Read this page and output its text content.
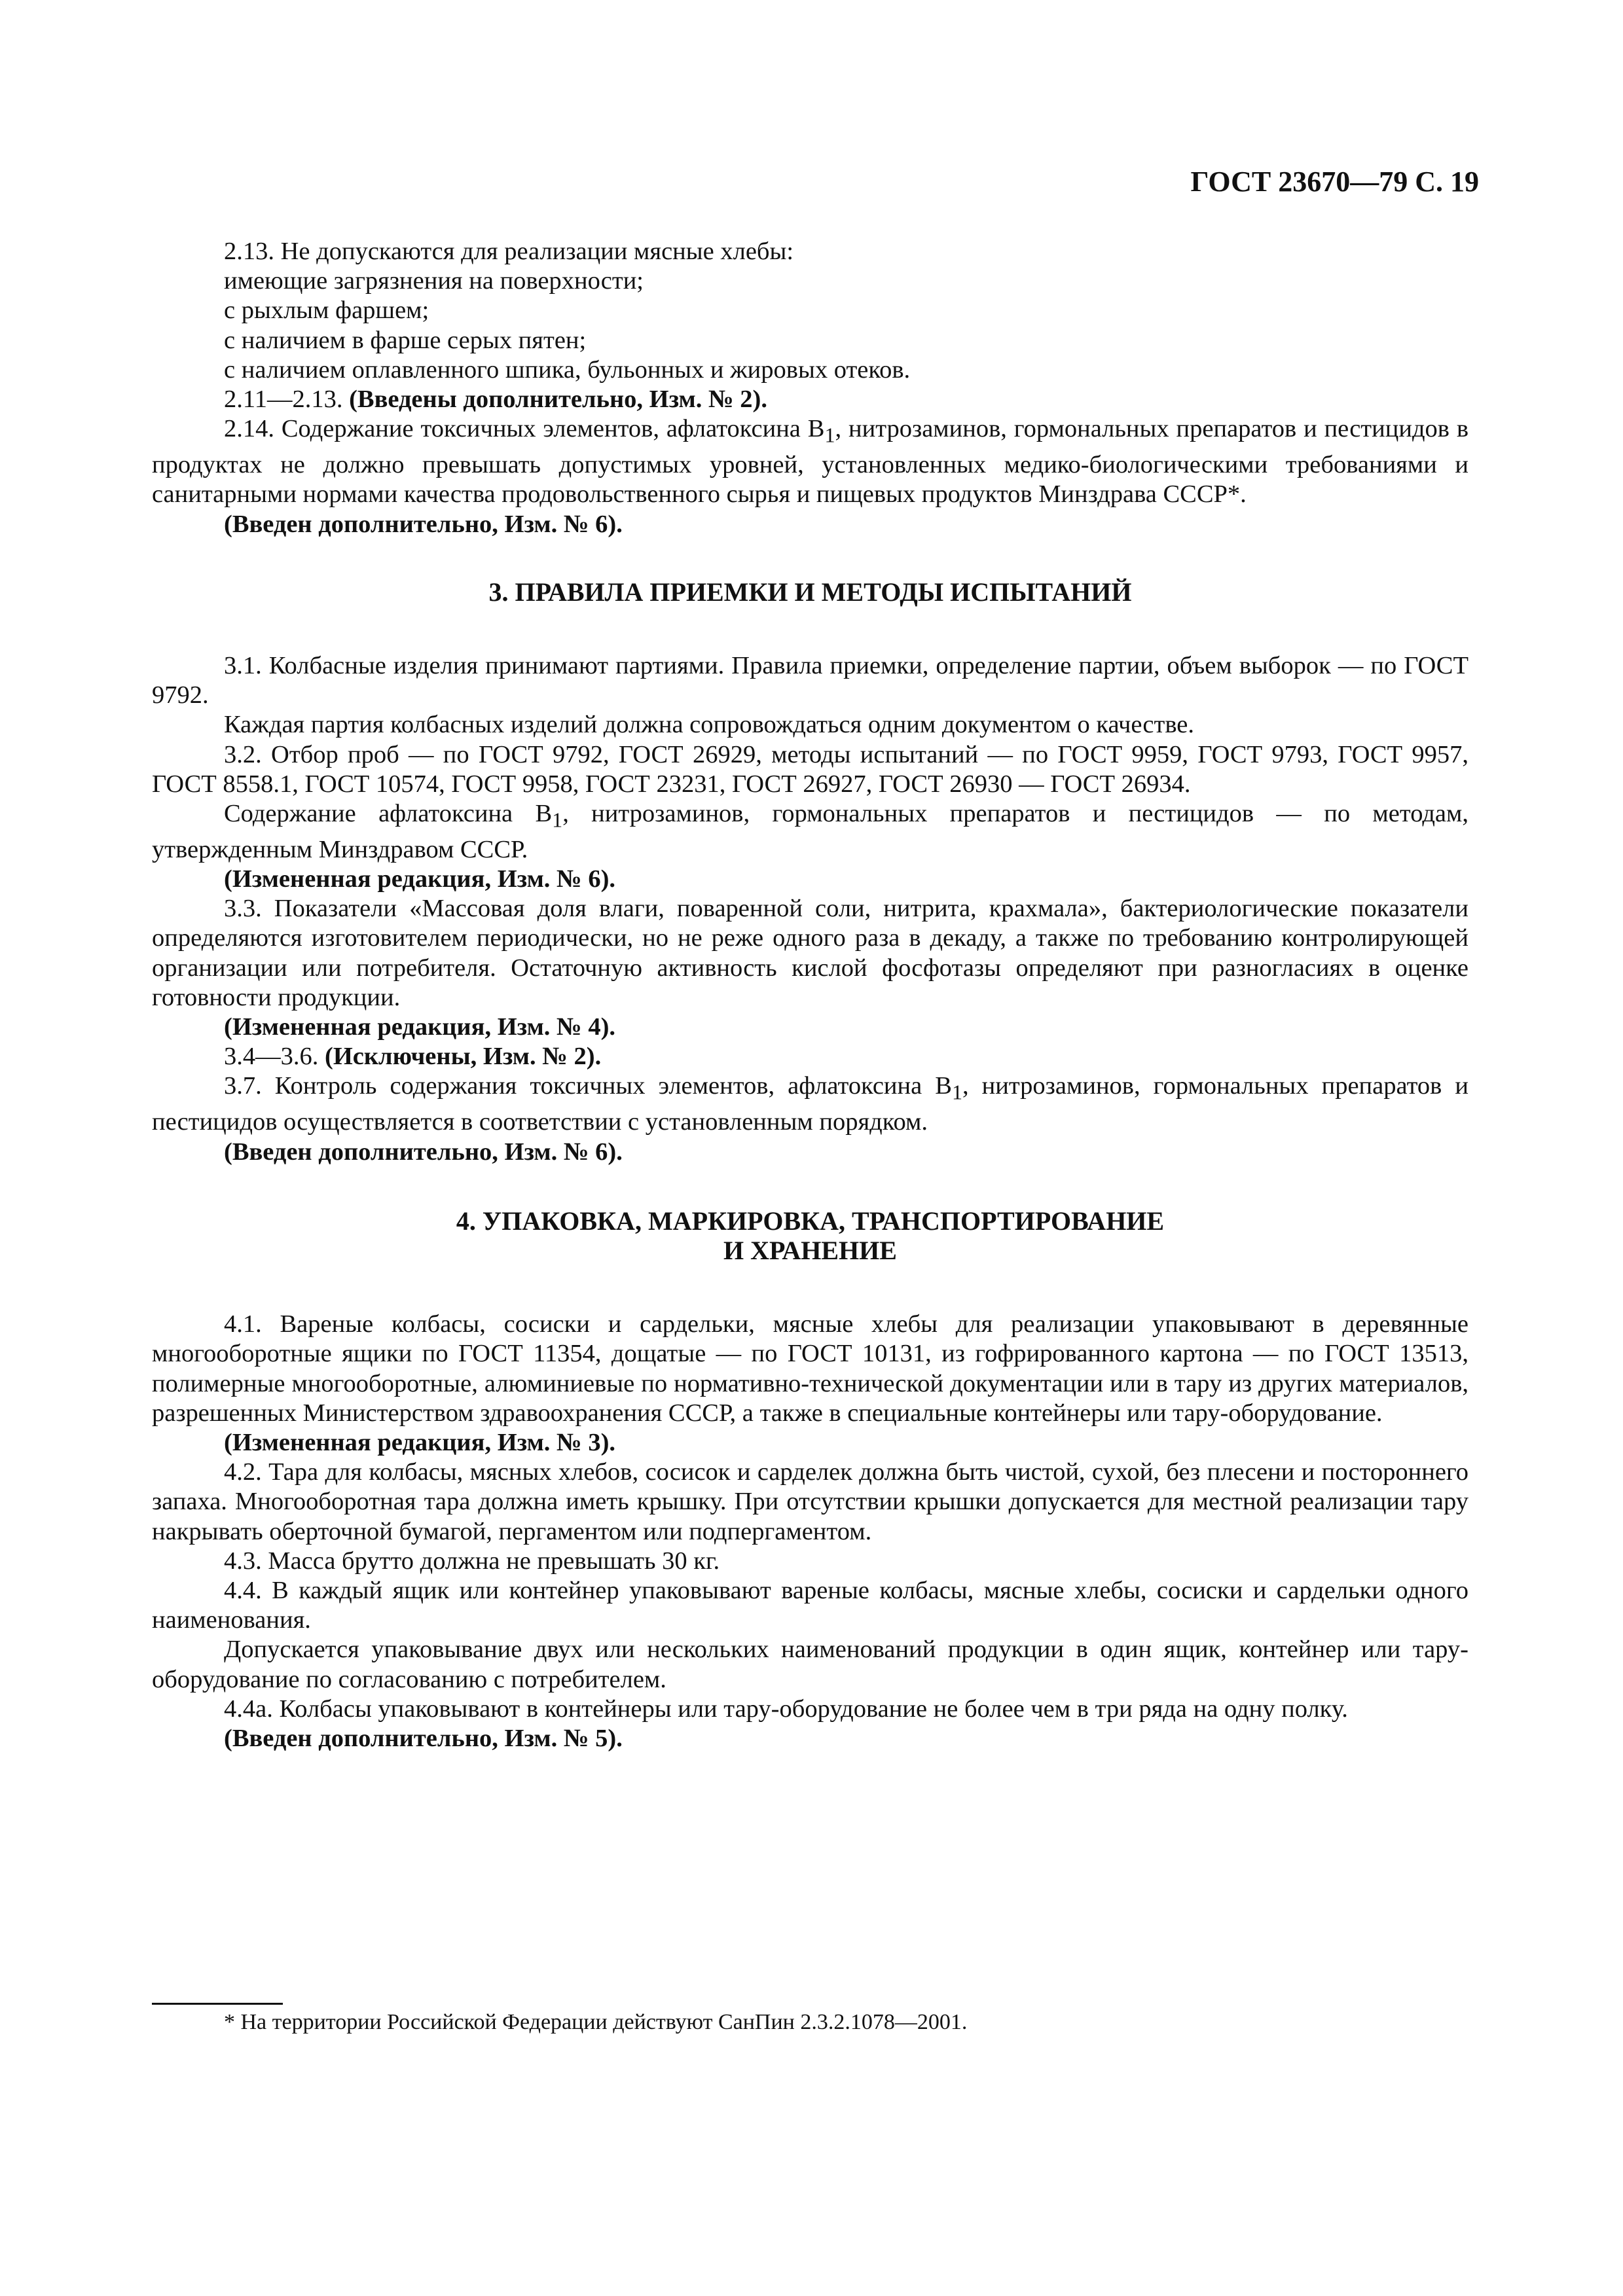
ГОСТ 23670—79 С. 19

2.13. Не допускаются для реализации мясные хлебы:

имеющие загрязнения на поверхности;

с рыхлым фаршем;

с наличием в фарше серых пятен;

с наличием оплавленного шпика, бульонных и жировых отеков.

2.11—2.13. (Введены дополнительно, Изм. № 2).

2.14. Содержание токсичных элементов, афлатоксина $В_1$, нитрозаминов, гормональных препаратов и пестицидов в продуктах не должно превышать допустимых уровней, установленных медико-биологическими требованиями и санитарными нормами качества продовольственного сырья и пищевых продуктов Минздрава СССР*.

(Введен дополнительно, Изм. № 6).

3. ПРАВИЛА ПРИЕМКИ И МЕТОДЫ ИСПЫТАНИЙ

3.1. Колбасные изделия принимают партиями. Правила приемки, определение партии, объем выборок — по ГОСТ 9792.

Каждая партия колбасных изделий должна сопровождаться одним документом о качестве.

3.2. Отбор проб — по ГОСТ 9792, ГОСТ 26929, методы испытаний — по ГОСТ 9959, ГОСТ 9793, ГОСТ 9957, ГОСТ 8558.1, ГОСТ 10574, ГОСТ 9958, ГОСТ 23231, ГОСТ 26927, ГОСТ 26930 — ГОСТ 26934.

Содержание афлатоксина $В_1$, нитрозаминов, гормональных препаратов и пестицидов — по методам, утвержденным Минздравом СССР.

(Измененная редакция, Изм. № 6).

3.3. Показатели «Массовая доля влаги, поваренной соли, нитрита, крахмала», бактериологические показатели определяются изготовителем периодически, но не реже одного раза в декаду, а также по требованию контролирующей организации или потребителя. Остаточную активность кислой фосфотазы определяют при разногласиях в оценке готовности продукции.

(Измененная редакция, Изм. № 4).

3.4—3.6. (Исключены, Изм. № 2).

3.7. Контроль содержания токсичных элементов, афлатоксина $В_1$, нитрозаминов, гормональных препаратов и пестицидов осуществляется в соответствии с установленным порядком.

(Введен дополнительно, Изм. № 6).

4. УПАКОВКА, МАРКИРОВКА, ТРАНСПОРТИРОВАНИЕ

И ХРАНЕНИЕ

4.1. Вареные колбасы, сосиски и сардельки, мясные хлебы для реализации упаковывают в деревянные многооборотные ящики по ГОСТ 11354, дощатые — по ГОСТ 10131, из гофрированного картона — по ГОСТ 13513, полимерные многооборотные, алюминиевые по нормативно-технической документации или в тару из других материалов, разрешенных Министерством здравоохранения СССР, а также в специальные контейнеры или тару-оборудование.

(Измененная редакция, Изм. № 3).

4.2. Тара для колбасы, мясных хлебов, сосисок и сарделек должна быть чистой, сухой, без плесени и постороннего запаха. Многооборотная тара должна иметь крышку. При отсутствии крышки допускается для местной реализации тару накрывать оберточной бумагой, пергаментом или подпергаментом.

4.3. Масса брутто должна не превышать 30 кг.

4.4. В каждый ящик или контейнер упаковывают вареные колбасы, мясные хлебы, сосиски и сардельки одного наименования.

Допускается упаковывание двух или нескольких наименований продукции в один ящик, контейнер или тару-оборудование по согласованию с потребителем.

4.4а. Колбасы упаковывают в контейнеры или тару-оборудование не более чем в три ряда на одну полку.

(Введен дополнительно, Изм. № 5).

* На территории Российской Федерации действуют СанПин 2.3.2.1078—2001.
